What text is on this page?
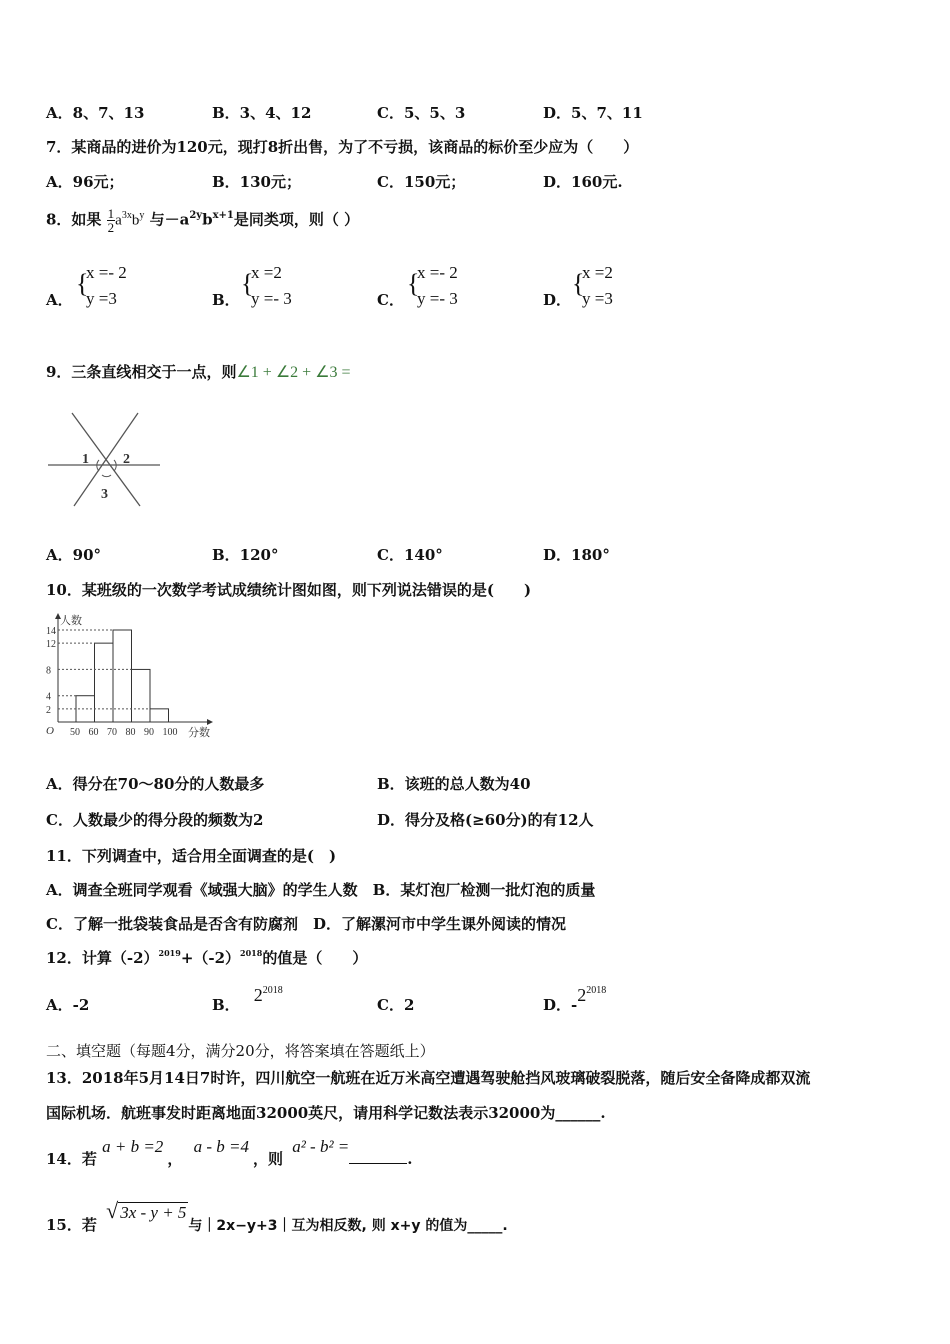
A．8、7、13	B．3、4、12	C．5、5、3	D．5、7、11
7．某商品的进价为120元，现打8折出售，为了不亏损，该商品的标价至少应为（　　）
A．96元；	B．130元；	C．150元；	D．160元.
8．如果 $\frac{1}{2} a^{3x}b^y$ 与$-a^{2y}b^{x+1}$是同类项，则（ ）
A．
{
x =- 2
y =3	B．
{
x =2
y =- 3	C．
{
x =- 2
y =- 3	D．
{
x =2
y =3
9．三条直线相交于一点，则∠1 + ∠2 + ∠3 =
1 2
3
A．90°	B．120°	C．140°	D．180°
10．某班级的一次数学考试成绩统计图如图，则下列说法错误的是(　　)
人数
分数
O
2
4
8
12
14
50 60 70 80 90 100
A．得分在70～80分的人数最多	B．该班的总人数为40
C．人数最少的得分段的频数为2	D．得分及格(≥60分)的有12人
11．下列调查中，适合用全面调查的是(　)
A．调查全班同学观看《域强大脑》的学生人数　B．某灯泡厂检测一批灯泡的质量
C．了解一批袋装食品是否含有防腐剂　D．了解漯河市中学生课外阅读的情况
12．计算$(-2)^{2019}+(-2)^{2018}$的值是（　　）
A．-2	B． $2^{2018}$
C．2	D．$-2^{2018}$
二、填空题（每题4分，满分20分，将答案填在答题纸上）
13．2018年5月14日7时许，四川航空一航班在近万米高空遭遇驾驶舱挡风玻璃破裂脱落，随后安全备降成都双流
国际机场．航班事发时距离地面32000英尺，请用科学记数法表示32000为______.
14．若 a + b =2， a - b =4，则 a² - b² =.
15．若 √ 3x - y + 5与｜2x−y+3｜互为相反数, 则 x+y 的值为_____.
